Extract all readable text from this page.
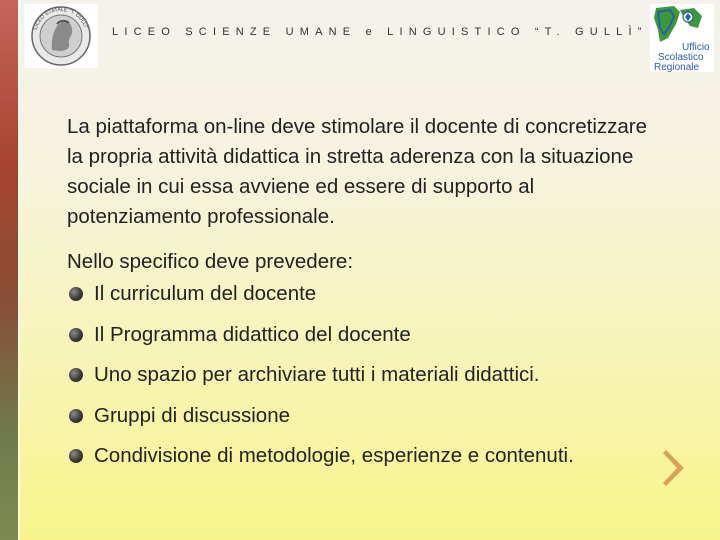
LICEO STATALE "T. GULLÌ" LICEO SCIENZE UMANE e LINGUISTICO “T. GULLÌ”
Ufficio
Scolastico
Regionale

La piattaforma on-line deve stimolare il docente di concretizzare la propria attività didattica in stretta aderenza con la situazione sociale in cui essa avviene ed essere di supporto al potenziamento professionale.

Nello specifico deve prevedere:

Il curriculum del docente
Il Programma didattico del docente
Uno spazio per archiviare tutti i materiali didattici.
Gruppi di discussione
Condivisione di metodologie, esperienze e contenuti.
